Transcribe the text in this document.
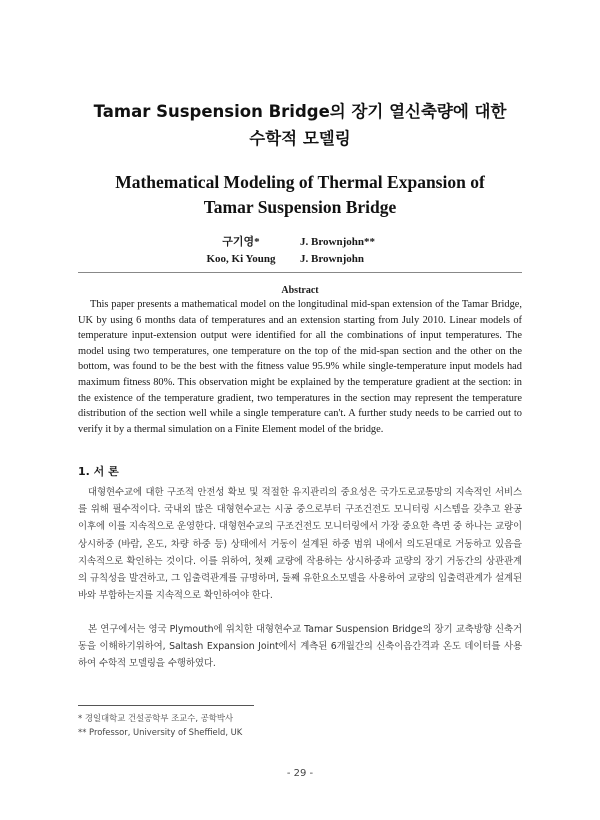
Tamar Suspension Bridge의 장기 열신축량에 대한
수학적 모델링
Mathematical Modeling of Thermal Expansion of
Tamar Suspension Bridge
구기영*
Koo, Ki Young
J. Brownjohn**
J. Brownjohn
Abstract

This paper presents a mathematical model on the longitudinal mid-span extension of the Tamar Bridge, UK by using 6 months data of temperatures and an extension starting from July 2010. Linear models of temperature input-extension output were identified for all the combinations of input temperatures. The model using two temperatures, one temperature on the top of the mid-span section and the other on the bottom, was found to be the best with the fitness value 95.9% while single-temperature input models had maximum fitness 80%. This observation might be explained by the temperature gradient at the section: in the existence of the temperature gradient, two temperatures in the section may represent the temperature distribution of the section well while a single temperature can't. A further study needs to be carried out to verify it by a thermal simulation on a Finite Element model of the bridge.

1. 서 론

대형현수교에 대한 구조적 안전성 확보 및 적절한 유지관리의 중요성은 국가도로교통망의 지속적인 서비스를 위해 필수적이다. 국내외 많은 대형현수교는 시공 중으로부터 구조건전도 모니터링 시스템을 갖추고 완공 이후에 이를 지속적으로 운영한다. 대형현수교의 구조건전도 모니터링에서 가장 중요한 측면 중 하나는 교량이 상시하중 (바람, 온도, 차량 하중 등) 상태에서 거동이 설계된 하중 범위 내에서 의도된대로 거동하고 있음을 지속적으로 확인하는 것이다. 이를 위하여, 첫째 교량에 작용하는 상시하중과 교량의 장기 거동간의 상관관계의 규칙성을 발견하고, 그 입출력관계를 규명하며, 둘째 유한요소모델을 사용하여 교량의 입출력관계가 설계된 바와 부합하는지를 지속적으로 확인하여야 한다.

본 연구에서는 영국 Plymouth에 위치한 대형현수교 Tamar Suspension Bridge의 장기 교축방향 신축거동을 이해하기위하여, Saltash Expansion Joint에서 계측된 6개월간의 신축이음간격과 온도 데이터를 사용하여 수학적 모델링을 수행하였다.

* 경일대학교 건설공학부 조교수, 공학박사
** Professor, University of Sheffield, UK
- 29 -
